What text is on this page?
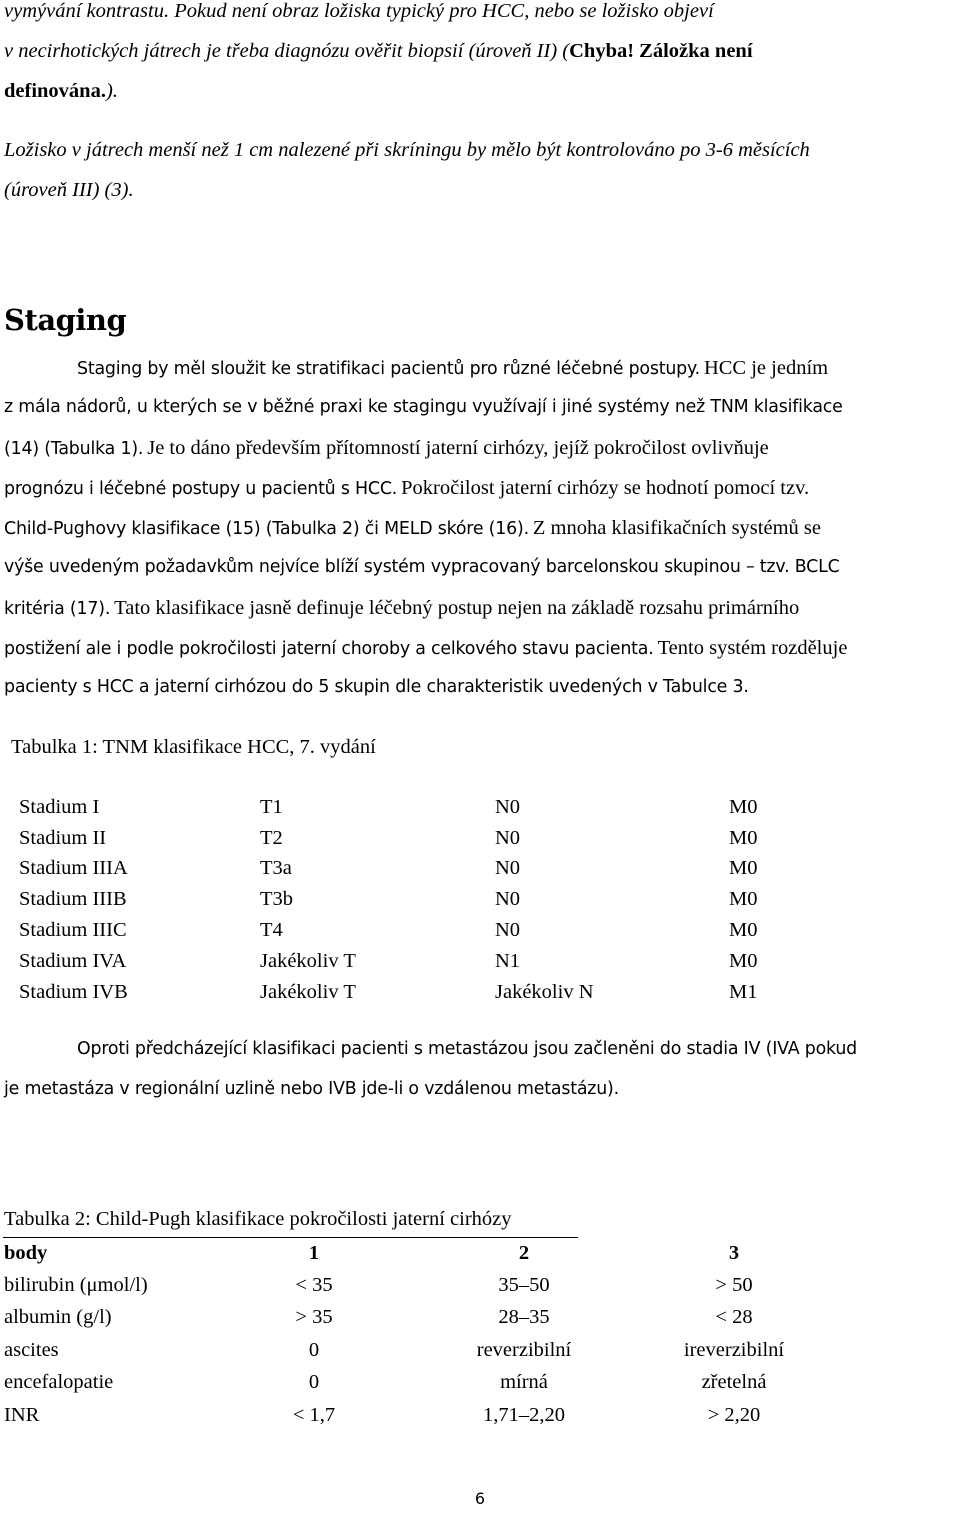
vymývání kontrastu. Pokud není obraz ložiska typický pro HCC, nebo se ložisko objeví
v necirhotických játrech je třeba diagnózu ověřit biopsií (úroveň II) (Chyba! Záložka není
definována.).
Ložisko v játrech menší než 1 cm nalezené při skríningu by mělo být kontrolováno po 3-6 měsících
(úroveň III) (3).
Staging
Staging by měl sloužit ke stratifikaci pacientů pro různé léčebné postupy. HCC je jedním
z mála nádorů, u kterých se v běžné praxi ke stagingu využívají i jiné systémy než TNM klasifikace
(14) (Tabulka 1). Je to dáno především přítomností jaterní cirhózy, jejíž pokročilost ovlivňuje
prognózu i léčebné postupy u pacientů s HCC. Pokročilost jaterní cirhózy se hodnotí pomocí tzv.
Child-Pughovy klasifikace (15) (Tabulka 2) či MELD skóre (16). Z mnoha klasifikačních systémů se
výše uvedeným požadavkům nejvíce blíží systém vypracovaný barcelonskou skupinou – tzv. BCLC
kritéria (17). Tato klasifikace jasně definuje léčebný postup nejen na základě rozsahu primárního
postižení ale i podle pokročilosti jaterní choroby a celkového stavu pacienta. Tento systém rozděluje
pacienty s HCC a jaterní cirhózou do 5 skupin dle charakteristik uvedených v Tabulce 3.
Tabulka 1: TNM klasifikace HCC, 7. vydání
Stadium I	T1	N0	M0
Stadium II	T2	N0	M0
Stadium IIIA	T3a	N0	M0
Stadium IIIB	T3b	N0	M0
Stadium IIIC	T4	N0	M0
Stadium IVA	Jakékoliv T	N1	M0
Stadium IVB	Jakékoliv T	Jakékoliv N	M1
Oproti předcházející klasifikaci pacienti s metastázou jsou začleněni do stadia IV (IVA pokud
je metastáza v regionální uzlině nebo IVB jde-li o vzdálenou metastázu).
Tabulka 2: Child-Pugh klasifikace pokročilosti jaterní cirhózy
body	1	2	3
bilirubin (μmol/l)	< 35	35–50	> 50
albumin (g/l)	> 35	28–35	< 28
ascites	0	reverzibilní	ireverzibilní
encefalopatie	0	mírná	zřetelná
INR	< 1,7	1,71–2,20	> 2,20
6
